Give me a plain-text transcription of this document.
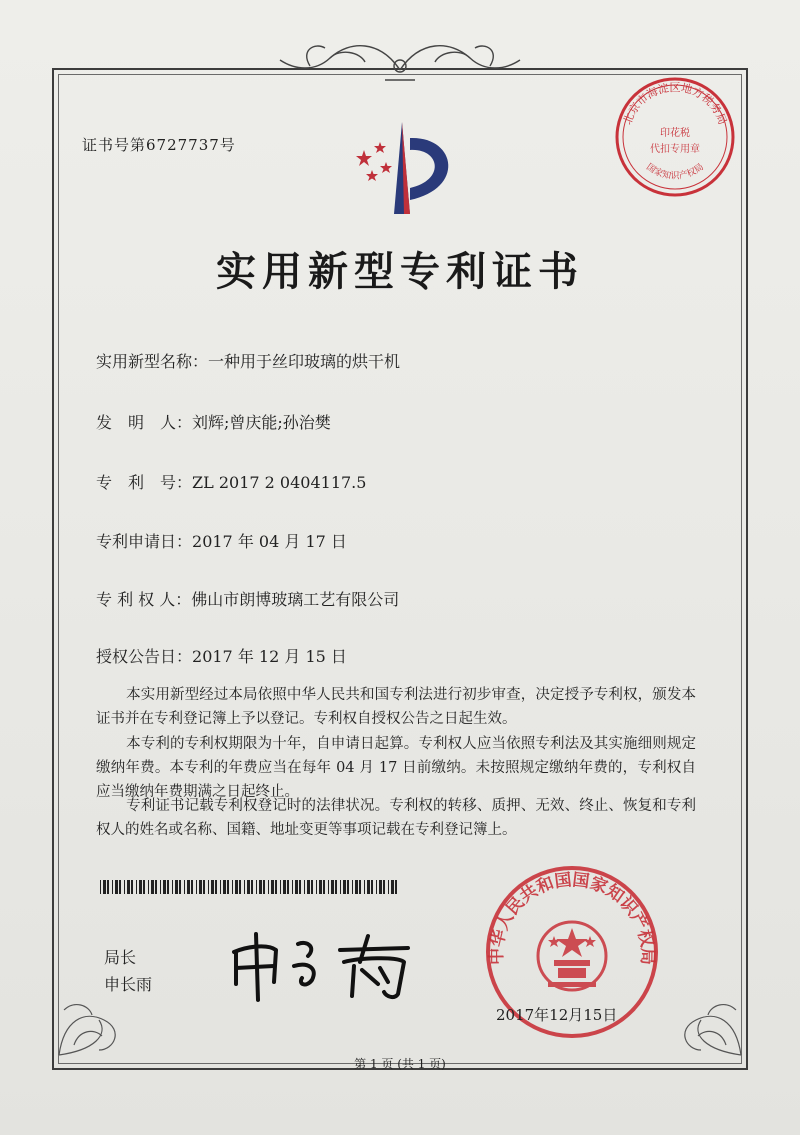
证书号第6727737号
北京市海淀区地方税务局
国家知识产权局
印花税
代扣专用章
实用新型专利证书
实用新型名称：一种用于丝印玻璃的烘干机
发　明　人：刘辉;曾庆能;孙治樊
专　利　号：ZL 2017 2 0404117.5
专利申请日：2017 年 04 月 17 日
专 利 权 人：佛山市朗博玻璃工艺有限公司
授权公告日：2017 年 12 月 15 日
本实用新型经过本局依照中华人民共和国专利法进行初步审查，决定授予专利权，颁发本证书并在专利登记簿上予以登记。专利权自授权公告之日起生效。
本专利的专利权期限为十年，自申请日起算。专利权人应当依照专利法及其实施细则规定缴纳年费。本专利的年费应当在每年 04 月 17 日前缴纳。未按照规定缴纳年费的，专利权自应当缴纳年费期满之日起终止。
专利证书记载专利权登记时的法律状况。专利权的转移、质押、无效、终止、恢复和专利权人的姓名或名称、国籍、地址变更等事项记载在专利登记簿上。
局长
申长雨
中华人民共和国国家知识产权局
2017年12月15日
第 1 页 (共 1 页)
